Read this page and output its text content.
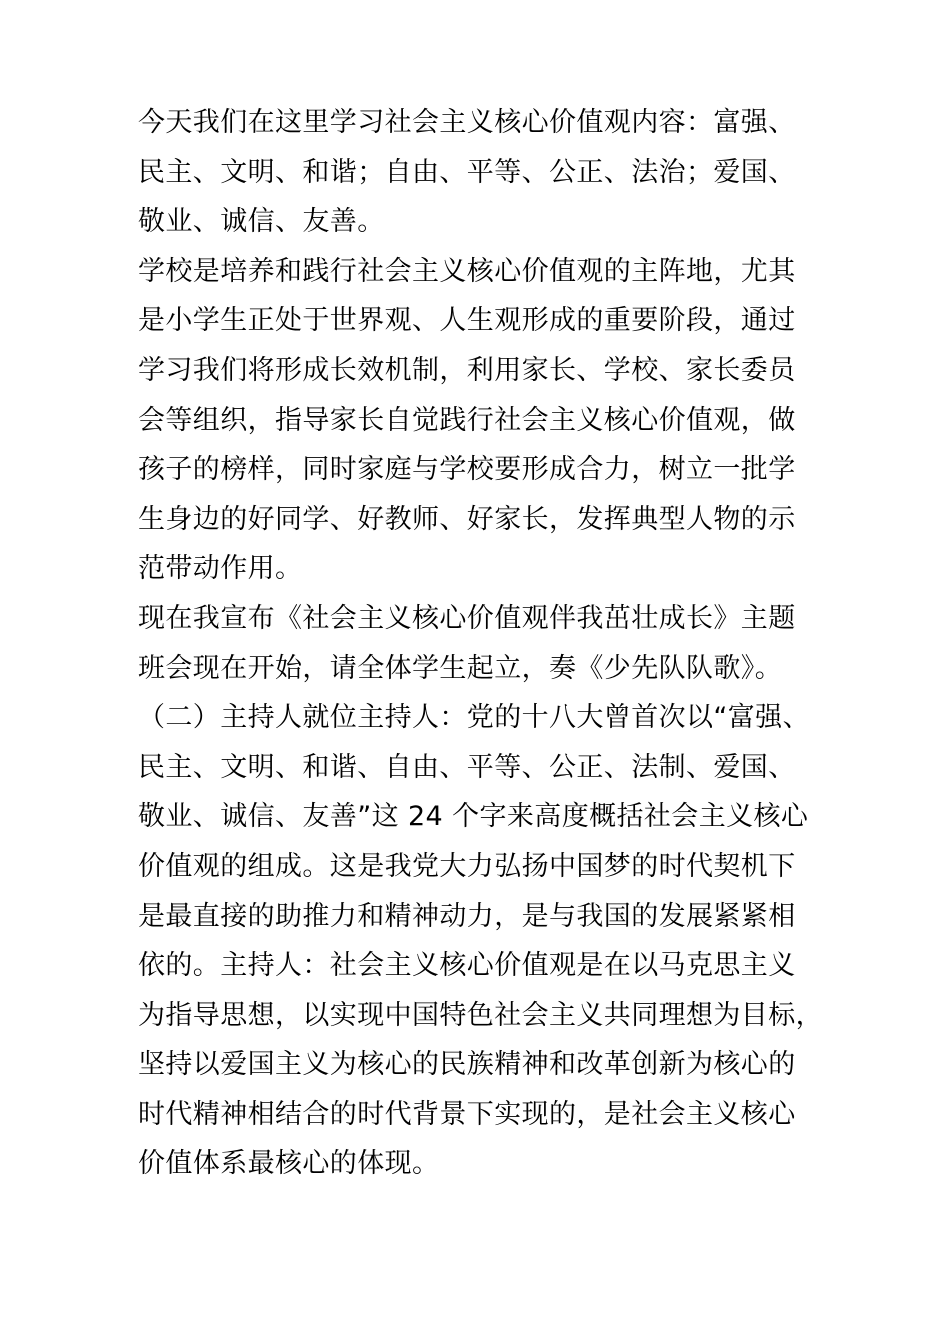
今天我们在这里学习社会主义核心价值观内容：富强、
民主、文明、和谐；自由、平等、公正、法治；爱国、
敬业、诚信、友善。
学校是培养和践行社会主义核心价值观的主阵地，尤其
是小学生正处于世界观、人生观形成的重要阶段，通过
学习我们将形成长效机制，利用家长、学校、家长委员
会等组织，指导家长自觉践行社会主义核心价值观，做
孩子的榜样，同时家庭与学校要形成合力，树立一批学
生身边的好同学、好教师、好家长，发挥典型人物的示
范带动作用。
现在我宣布《社会主义核心价值观伴我茁壮成长》主题
班会现在开始，请全体学生起立，奏《少先队队歌》。
（二）主持人就位主持人：党的十八大曾首次以“富强、
民主、文明、和谐、自由、平等、公正、法制、爱国、
敬业、诚信、友善”这 24 个字来高度概括社会主义核心
价值观的组成。这是我党大力弘扬中国梦的时代契机下
是最直接的助推力和精神动力，是与我国的发展紧紧相
依的。主持人：社会主义核心价值观是在以马克思主义
为指导思想，以实现中国特色社会主义共同理想为目标，
坚持以爱国主义为核心的民族精神和改革创新为核心的
时代精神相结合的时代背景下实现的，是社会主义核心
价值体系最核心的体现。
